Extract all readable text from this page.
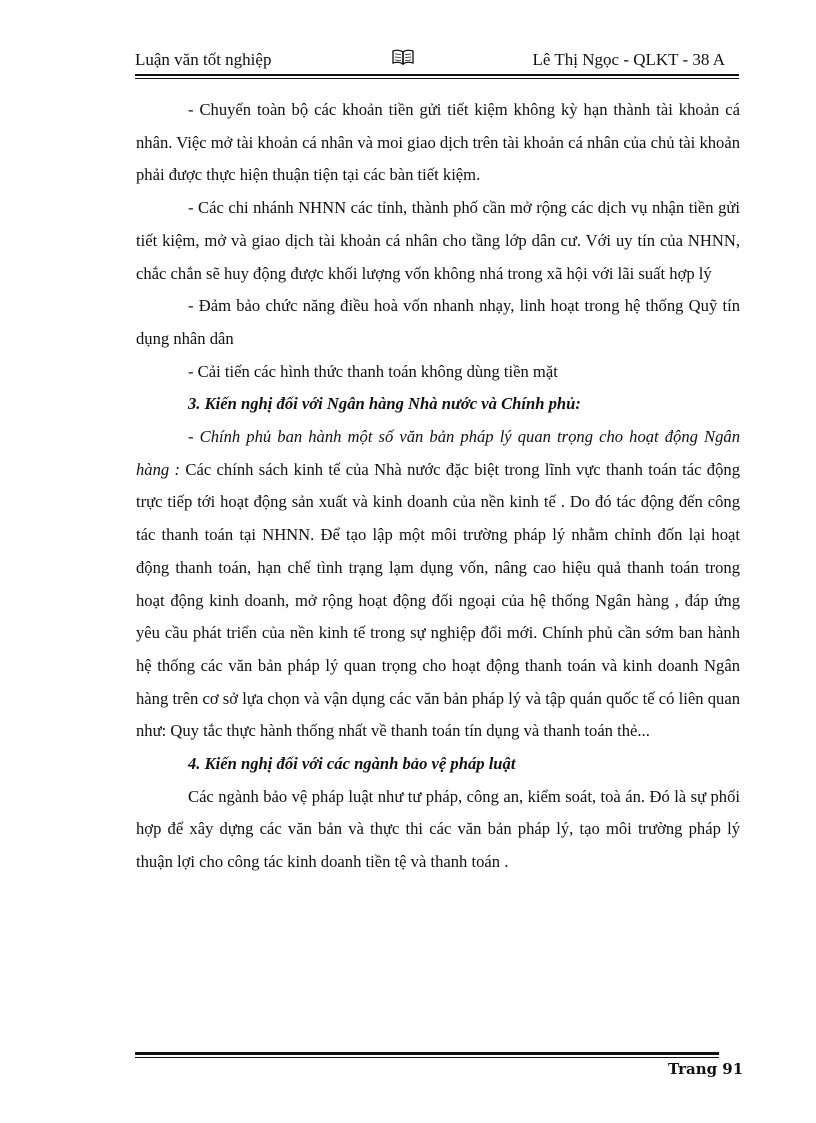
Luận văn tốt nghiệp	Lê Thị Ngọc - QLKT - 38 A

- Chuyển toàn bộ các khoản tiền gửi tiết kiệm không kỳ hạn thành tài khoản cá nhân. Việc mở tài khoản cá nhân và moi giao dịch trên tài khoản cá nhân của chủ tài khoản phải được thực hiện thuận tiện tại các bàn tiết kiệm.

- Các chi nhánh NHNN các tỉnh, thành phố cần mở rộng các dịch vụ nhận tiền gửi tiết kiệm, mở và giao dịch tài khoản cá nhân cho tầng lớp dân cư. Với uy tín của NHNN, chắc chắn sẽ huy động được khối lượng vốn không nhá trong xã hội với lãi suất hợp lý

- Đảm bảo chức năng điều hoà vốn nhanh nhạy, linh hoạt trong hệ thống Quỹ tín dụng nhân dân

- Cải tiến các hình thức thanh toán không dùng tiền mặt

3. Kiến nghị đối với Ngân hàng Nhà nước và Chính phủ:

- Chính phủ ban hành một số văn bản pháp lý quan trọng cho hoạt động Ngân hàng : Các chính sách kinh tế của Nhà nước đặc biệt trong lĩnh vực thanh toán tác động trực tiếp tới hoạt động sản xuất và kinh doanh của nền kinh tế . Do đó tác động đến công tác thanh toán tại NHNN. Để tạo lập một môi trường pháp lý nhằm chỉnh đốn lại hoạt động thanh toán, hạn chế tình trạng lạm dụng vốn, nâng cao hiệu quả thanh toán trong hoạt động kinh doanh, mở rộng hoạt động đối ngoại của hệ thống Ngân hàng , đáp ứng yêu cầu phát triển của nền kinh tế trong sự nghiệp đổi mới. Chính phủ cần sớm ban hành hệ thống các văn bản pháp lý quan trọng cho hoạt động thanh toán và kinh doanh Ngân hàng trên cơ sở lựa chọn và vận dụng các văn bản pháp lý và tập quán quốc tế có liên quan như: Quy tắc thực hành thống nhất về thanh toán tín dụng và thanh toán thẻ...

4. Kiến nghị đối với các ngành bảo vệ pháp luật

Các ngành bảo vệ pháp luật như tư pháp, công an, kiểm soát, toà án. Đó là sự phối hợp để xây dựng các văn bản và thực thi các văn bản pháp lý, tạo môi trường pháp lý thuận lợi cho công tác kinh doanh tiền tệ và thanh toán .

Trang 91
